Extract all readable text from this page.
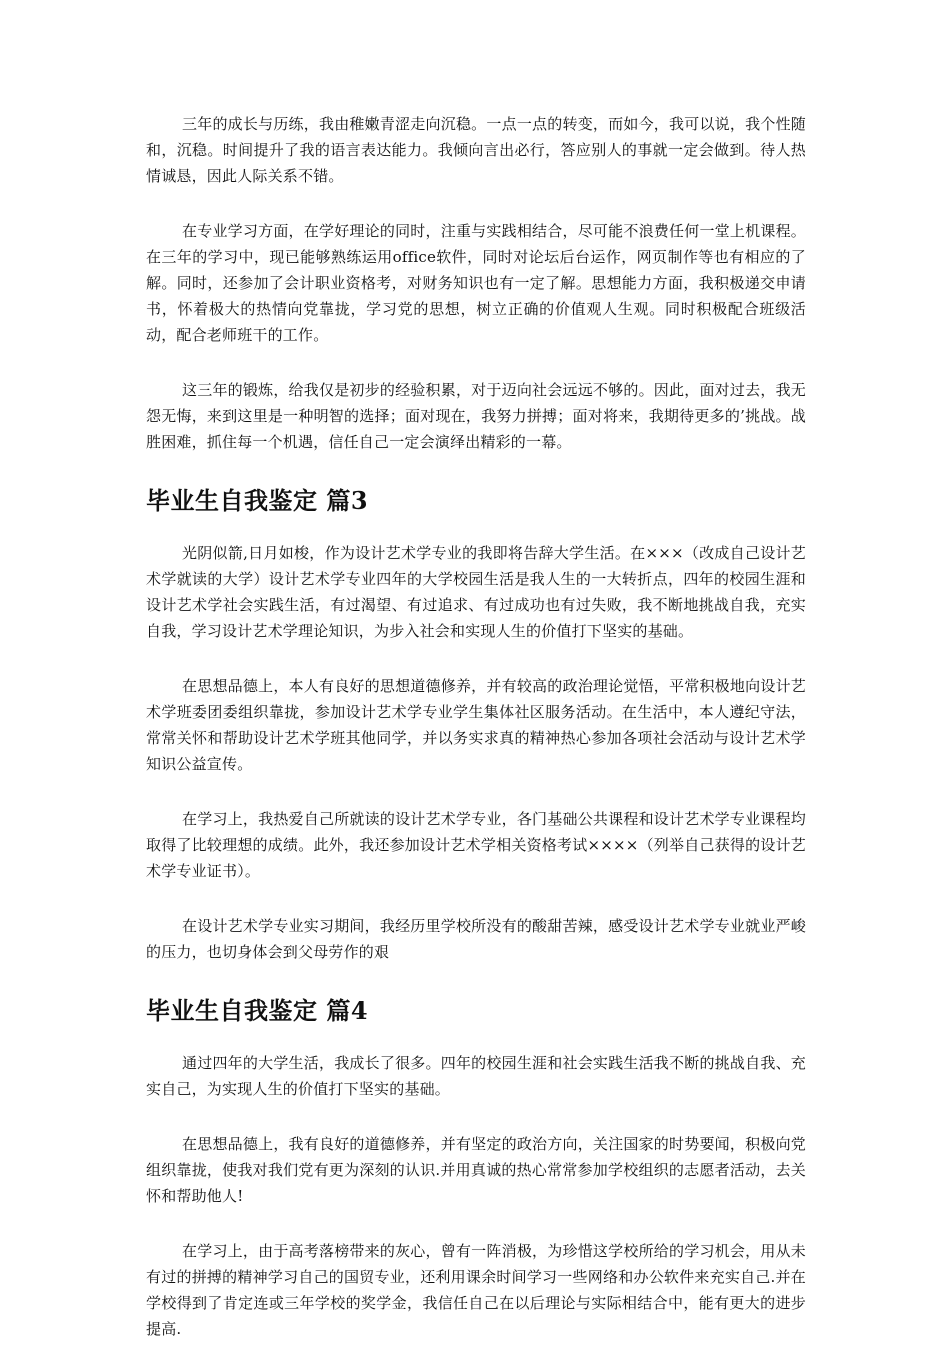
三年的成长与历练，我由稚嫩青涩走向沉稳。一点一点的转变，而如今，我可以说，我个性随和，沉稳。时间提升了我的语言表达能力。我倾向言出必行，答应别人的事就一定会做到。待人热情诚恳，因此人际关系不错。

在专业学习方面，在学好理论的同时，注重与实践相结合，尽可能不浪费任何一堂上机课程。在三年的学习中，现已能够熟练运用office软件，同时对论坛后台运作，网页制作等也有相应的了解。同时，还参加了会计职业资格考，对财务知识也有一定了解。思想能力方面，我积极递交申请书，怀着极大的热情向党靠拢，学习党的思想，树立正确的价值观人生观。同时积极配合班级活动，配合老师班干的工作。

这三年的锻炼，给我仅是初步的经验积累，对于迈向社会远远不够的。因此，面对过去，我无怨无悔，来到这里是一种明智的选择；面对现在，我努力拼搏；面对将来，我期待更多的’挑战。战胜困难，抓住每一个机遇，信任自己一定会演绎出精彩的一幕。

毕业生自我鉴定 篇3

光阴似箭,日月如梭，作为设计艺术学专业的我即将告辞大学生活。在×××（改成自己设计艺术学就读的大学）设计艺术学专业四年的大学校园生活是我人生的一大转折点，四年的校园生涯和设计艺术学社会实践生活，有过渴望、有过追求、有过成功也有过失败，我不断地挑战自我，充实自我，学习设计艺术学理论知识，为步入社会和实现人生的价值打下坚实的基础。

在思想品德上，本人有良好的思想道德修养，并有较高的政治理论觉悟，平常积极地向设计艺术学班委团委组织靠拢，参加设计艺术学专业学生集体社区服务活动。在生活中，本人遵纪守法，常常关怀和帮助设计艺术学班其他同学，并以务实求真的精神热心参加各项社会活动与设计艺术学知识公益宣传。

在学习上，我热爱自己所就读的设计艺术学专业，各门基础公共课程和设计艺术学专业课程均取得了比较理想的成绩。此外，我还参加设计艺术学相关资格考试××××（列举自己获得的设计艺术学专业证书）。

在设计艺术学专业实习期间，我经历里学校所没有的酸甜苦辣，感受设计艺术学专业就业严峻的压力，也切身体会到父母劳作的艰

毕业生自我鉴定 篇4

通过四年的大学生活，我成长了很多。四年的校园生涯和社会实践生活我不断的挑战自我、充实自己，为实现人生的价值打下坚实的基础。

在思想品德上，我有良好的道德修养，并有坚定的政治方向，关注国家的时势要闻，积极向党组织靠拢，使我对我们党有更为深刻的认识.并用真诚的热心常常参加学校组织的志愿者活动，去关怀和帮助他人!

在学习上，由于高考落榜带来的灰心，曾有一阵消极，为珍惜这学校所给的学习机会，用从未有过的拼搏的精神学习自己的国贸专业，还利用课余时间学习一些网络和办公软件来充实自己.并在学校得到了肯定连或三年学校的奖学金，我信任自己在以后理论与实际相结合中，能有更大的进步提高.
